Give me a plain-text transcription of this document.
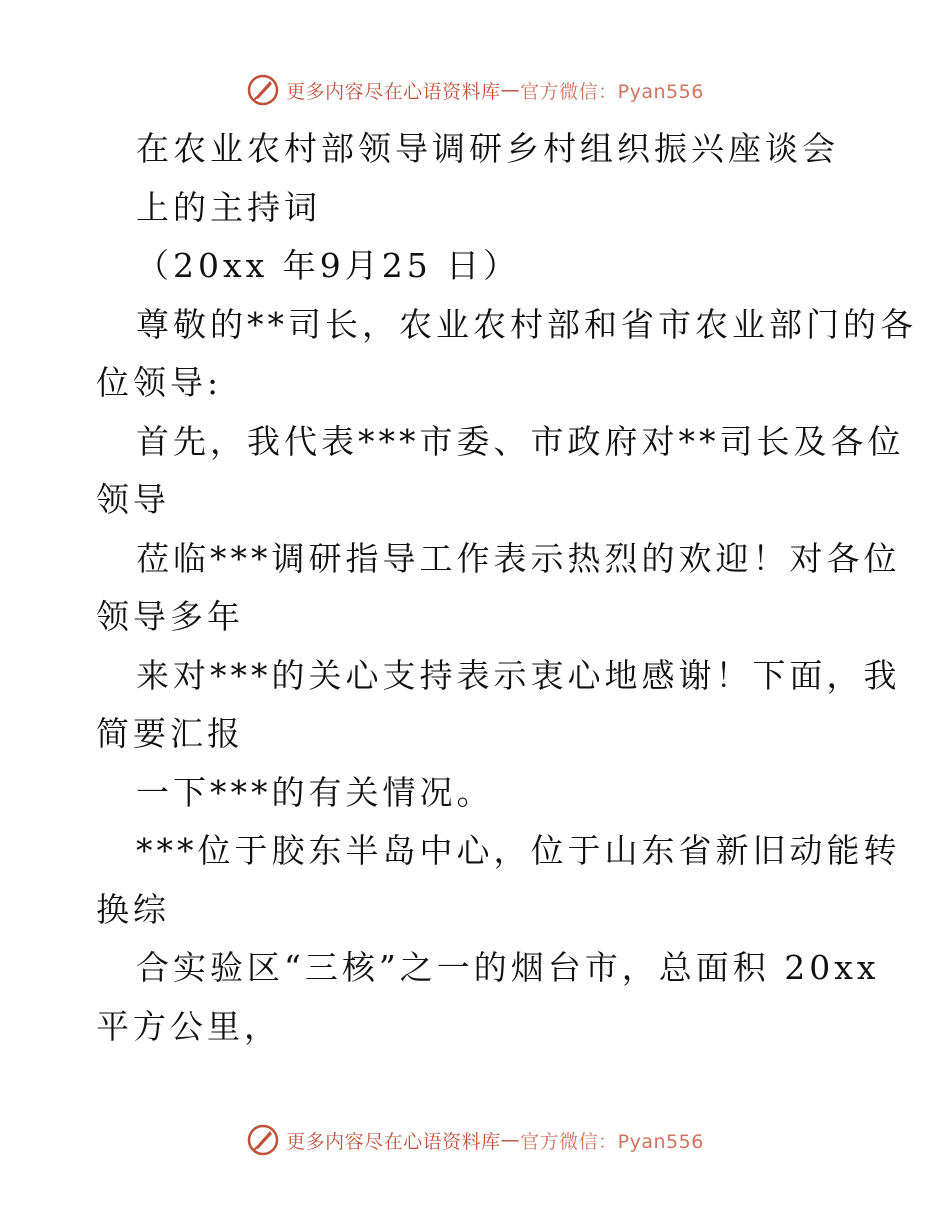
更多内容尽在心语资料库 — 官方微信：Pyan556
在农业农村部领导调研乡村组织振兴座谈会
上的主持词
（20xx 年9月25 日）
尊敬的**司长，农业农村部和省市农业部门的各
位领导:
首先，我代表***市委、市政府对**司长及各位
领导
莅临***调研指导工作表示热烈的欢迎！对各位
领导多年
来对***的关心支持表示衷心地感谢！下面，我
简要汇报
一下***的有关情况。
***位于胶东半岛中心，位于山东省新旧动能转
换综
合实验区“三核”之一的烟台市，总面积 20xx
平方公里，
更多内容尽在心语资料库 — 官方微信：Pyan556
